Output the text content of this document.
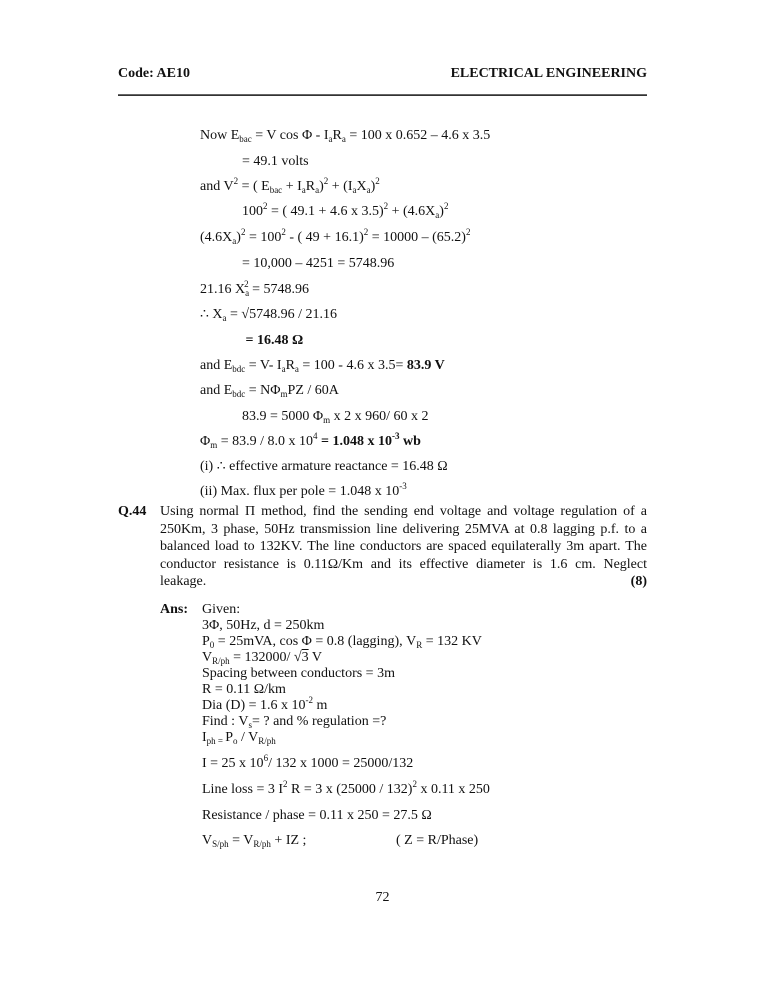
Code: AE10	ELECTRICAL ENGINEERING
Now $E_{bac} = V$ $\cos \Phi - I_aR_a = 100$ x 0.652 – 4.6 x 3.5
= 49.1 volts
and $V^2$ = ( $E_{bac} + I_aR_a)^2 + (I_aX_a)^2$
$100^2$ = ( 49.1 + 4.6 x $3.5)^2 + (4.6X_a)^2$
$(4.6X_a)^2 = 100^2$ - ( $49 + 16.1)^2 = 10000 - (65.2)^2$
= 10,000 – 4251 = 5748.96
21.16 $X_a^2 = 5748.96$
∴ $X_a = √5748.96 / 21.16$
= 16.48 Ω
and $E_{bdc} = V-$ $I_aR_a = 100 - 4.6$ x 3.5= 83.9 V
and $E_{bdc} = N\Phi_mPZ / 60A$
83.9 = 5000 $\Phi_m$ x 2 x 960/ 60 x 2
$\Phi_m = 83.9 / 8.0$ x $10^4 = 1.048$ x $10^{-3}$ wb
(i) ∴ effective armature reactance = 16.48 Ω
(ii) Max. flux per pole = 1.048 x $10^{-3}$
Q.44 Using normal Π method, find the sending end voltage and voltage regulation of a 250Km, 3 phase, 50Hz transmission line delivering 25MVA at 0.8 lagging p.f. to a balanced load to 132KV. The line conductors are spaced equilaterally 3m apart. The conductor resistance is 0.11Ω/Km and its effective diameter is 1.6 cm. Neglect leakage.	(8)
Ans: Given:
3Φ, 50Hz, d = 250km
$P_0 = 25mVA$, cos Φ = 0.8 (lagging), $V_R = 132$ KV
$V_{R/ph} = 132000/$ √3 V
Spacing between conductors = 3m
R = 0.11 Ω/km
Dia (D) = 1.6 x $10^{-2}$ m
Find : $V_s=$ ? and % regulation =?
$I_{ph =}$ $P_o / V_{R/ph}$
I = 25 x $10^6/$ 132 x 1000 = 25000/132
Line loss = 3 $I^2$ R = 3 x (25000 / 132)$^2$ x 0.11 x 250
Resistance / phase = 0.11 x 250 = 27.5 Ω
$V_{S/ph} = V_{R/ph}$ + IZ ;	( Z = R/Phase)
72
